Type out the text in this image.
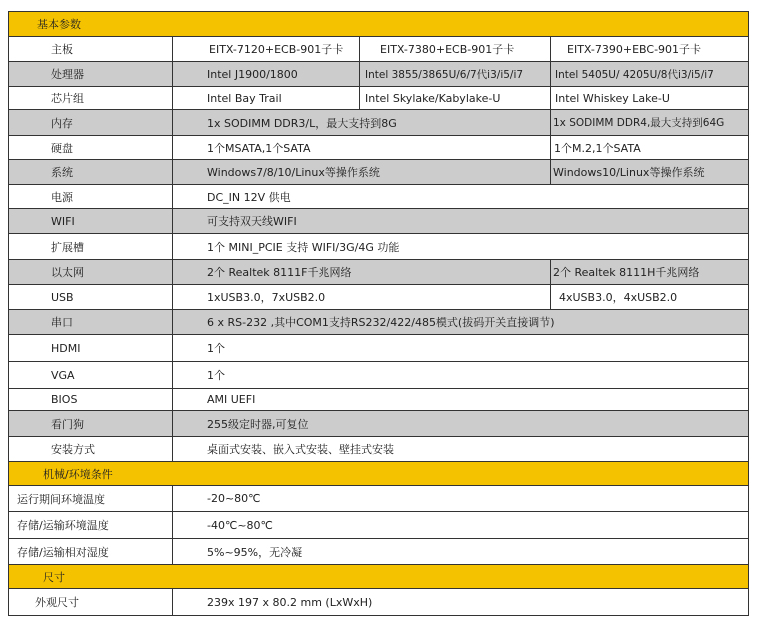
基本参数
主板	EITX-7120+ECB-901子卡	EITX-7380+ECB-901子卡	EITX-7390+EBC-901子卡
处理器	Intel J1900/1800	Intel 3855/3865U/6/7代i3/i5/i7	Intel 5405U/ 4205U/8代i3/i5/i7
芯片组	Intel Bay Trail	Intel Skylake/Kabylake-U	Intel Whiskey Lake-U
内存	1x SODIMM DDR3/L，最大支持到8G	1x SODIMM DDR4,最大支持到64G
硬盘	1个MSATA,1个SATA	1个M.2,1个SATA
系统	Windows7/8/10/Linux等操作系统	Windows10/Linux等操作系统
电源	DC_IN 12V 供电
WIFI	可支持双天线WIFI
扩展槽	1个 MINI_PCIE 支持 WIFI/3G/4G 功能
以太网	2个 Realtek 8111F千兆网络	2个 Realtek 8111H千兆网络
USB	1xUSB3.0，7xUSB2.0	4xUSB3.0，4xUSB2.0
串口	6 x RS-232 ,其中COM1支持RS232/422/485模式(拔码开关直接调节)
HDMI	1个
VGA	1个
BIOS	AMI UEFI
看门狗	255级定时器,可复位
安装方式	桌面式安装、嵌入式安装、壁挂式安装
机械/环境条件
运行期间环境温度	-20~80℃
存储/运输环境温度	-40℃~80℃
存储/运输相对湿度	5%~95%，无冷凝
尺寸
外观尺寸	239x 197 x 80.2 mm (LxWxH)
